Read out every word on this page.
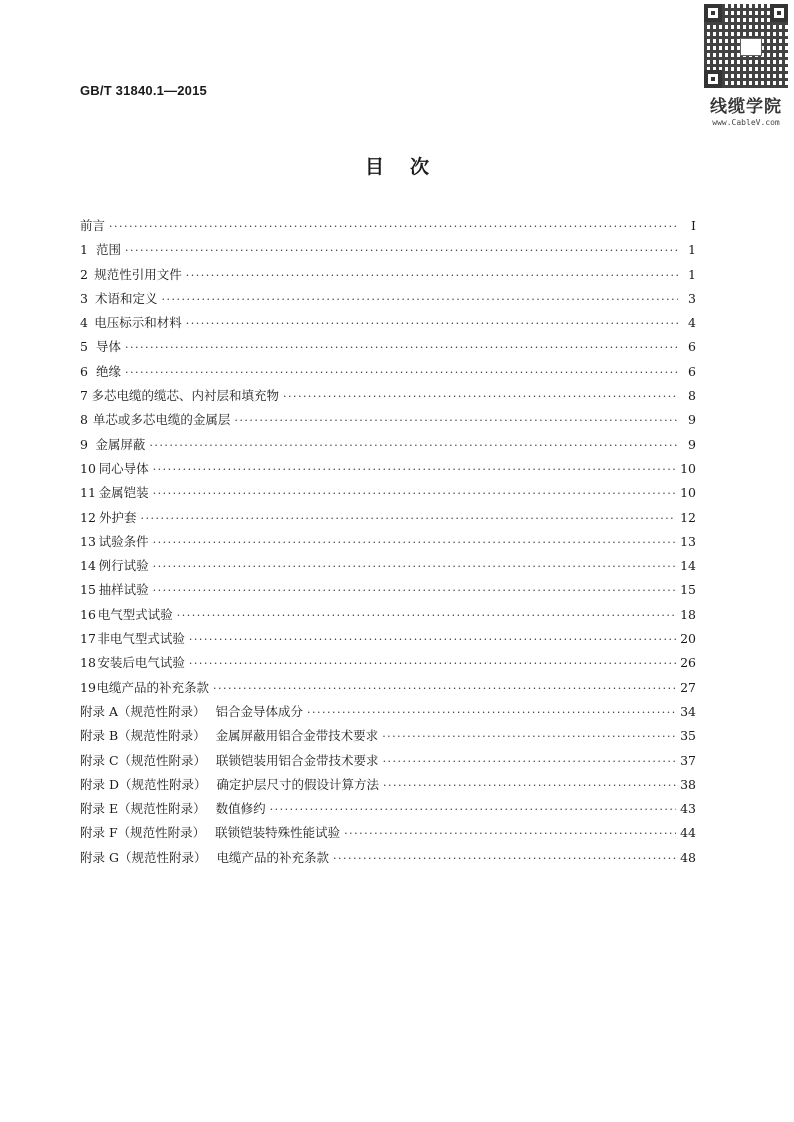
GB/T 31840.1—2015
线缆学院
www.CableV.com
目次
前言 ·····	Ⅰ
1 范围 ·····	1
2 规范性引用文件 ·····	1
3 术语和定义 ·····	3
4 电压标示和材料 ·····	4
5 导体 ·····	6
6 绝缘 ·····	6
7 多芯电缆的缆芯、内衬层和填充物 ·····	8
8 单芯或多芯电缆的金属层 ·····	9
9 金属屏蔽 ·····	9
10 同心导体 ·····	10
11 金属铠装 ·····	10
12 外护套 ·····	12
13 试验条件 ·····	13
14 例行试验 ·····	14
15 抽样试验 ·····	15
16 电气型式试验 ·····	18
17 非电气型式试验 ·····	20
18 安装后电气试验 ·····	26
19 电缆产品的补充条款 ·····	27
附录 A（规范性附录） 铝合金导体成分 ·····	34
附录 B（规范性附录） 金属屏蔽用铝合金带技术要求 ·····	35
附录 C（规范性附录） 联锁铠装用铝合金带技术要求 ·····	37
附录 D（规范性附录） 确定护层尺寸的假设计算方法 ·····	38
附录 E（规范性附录） 数值修约 ·····	43
附录 F（规范性附录） 联锁铠装特殊性能试验 ·····	44
附录 G（规范性附录） 电缆产品的补充条款 ·····	48
